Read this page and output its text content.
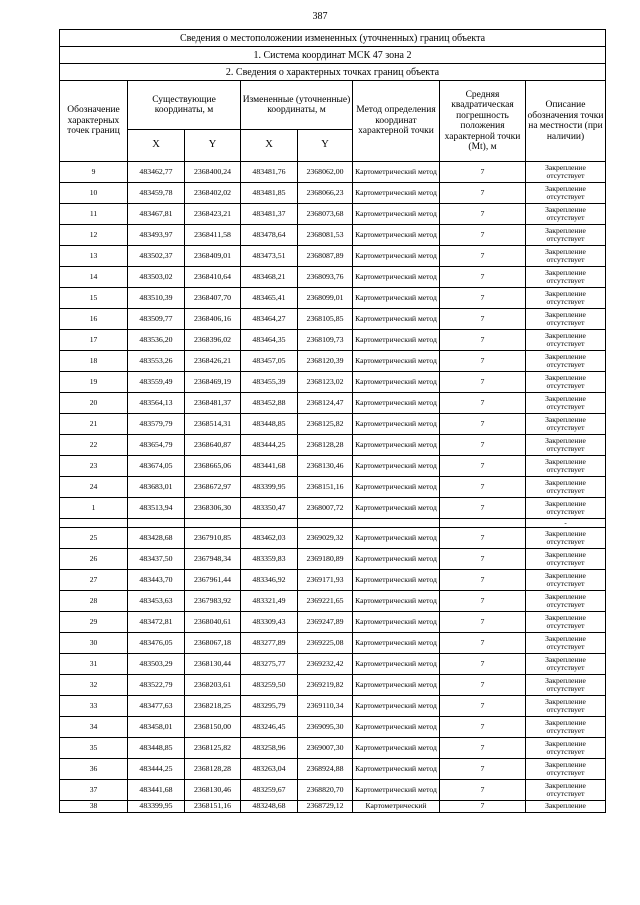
387
Сведения о местоположении измененных (уточненных) границ объекта							
1. Система координат МСК 47 зона 2							
2. Сведения о характерных точках границ объекта							
Обозначение характерных точек границ	Существующие координаты, м		Измененные (уточненные) координаты, м		Метод определения координат характерной точки	Средняя квадратическая погрешность положения характерной точки (Mt), м	Описание обозначения точки на местности (при наличии)
	X	Y	X	Y			
9	483462,77	2368400,24	483481,76	2368062,00	Картометрический метод	7	Закрепление отсутствует
10	483459,78	2368402,02	483481,85	2368066,23	Картометрический метод	7	Закрепление отсутствует
11	483467,81	2368423,21	483481,37	2368073,68	Картометрический метод	7	Закрепление отсутствует
12	483493,97	2368411,58	483478,64	2368081,53	Картометрический метод	7	Закрепление отсутствует
13	483502,37	2368409,01	483473,51	2368087,89	Картометрический метод	7	Закрепление отсутствует
14	483503,02	2368410,64	483468,21	2368093,76	Картометрический метод	7	Закрепление отсутствует
15	483510,39	2368407,70	483465,41	2368099,01	Картометрический метод	7	Закрепление отсутствует
16	483509,77	2368406,16	483464,27	2368105,85	Картометрический метод	7	Закрепление отсутствует
17	483536,20	2368396,02	483464,35	2368109,73	Картометрический метод	7	Закрепление отсутствует
18	483553,26	2368426,21	483457,05	2368120,39	Картометрический метод	7	Закрепление отсутствует
19	483559,49	2368469,19	483455,39	2368123,02	Картометрический метод	7	Закрепление отсутствует
20	483564,13	2368481,37	483452,88	2368124,47	Картометрический метод	7	Закрепление отсутствует
21	483579,79	2368514,31	483448,85	2368125,82	Картометрический метод	7	Закрепление отсутствует
22	483654,79	2368640,87	483444,25	2368128,28	Картометрический метод	7	Закрепление отсутствует
23	483674,05	2368665,06	483441,68	2368130,46	Картометрический метод	7	Закрепление отсутствует
24	483683,01	2368672,97	483399,95	2368151,16	Картометрический метод	7	Закрепление отсутствует
1	483513,94	2368306,30	483350,47	2368007,72	Картометрический метод	7	Закрепление отсутствует
							-
25	483428,68	2367910,85	483462,03	2369029,32	Картометрический метод	7	Закрепление отсутствует
26	483437,50	2367948,34	483359,83	2369180,89	Картометрический метод	7	Закрепление отсутствует
27	483443,70	2367961,44	483346,92	2369171,93	Картометрический метод	7	Закрепление отсутствует
28	483453,63	2367983,92	483321,49	2369221,65	Картометрический метод	7	Закрепление отсутствует
29	483472,81	2368040,61	483309,43	2369247,89	Картометрический метод	7	Закрепление отсутствует
30	483476,05	2368067,18	483277,89	2369225,08	Картометрический метод	7	Закрепление отсутствует
31	483503,29	2368130,44	483275,77	2369232,42	Картометрический метод	7	Закрепление отсутствует
32	483522,79	2368203,61	483259,50	2369219,82	Картометрический метод	7	Закрепление отсутствует
33	483477,63	2368218,25	483295,79	2369110,34	Картометрический метод	7	Закрепление отсутствует
34	483458,01	2368150,00	483246,45	2369095,30	Картометрический метод	7	Закрепление отсутствует
35	483448,85	2368125,82	483258,96	2369007,30	Картометрический метод	7	Закрепление отсутствует
36	483444,25	2368128,28	483263,04	2368924,88	Картометрический метод	7	Закрепление отсутствует
37	483441,68	2368130,46	483259,67	2368820,70	Картометрический метод	7	Закрепление отсутствует
38	483399,95	2368151,16	483248,68	2368729,12	Картометрический	7	Закрепление
